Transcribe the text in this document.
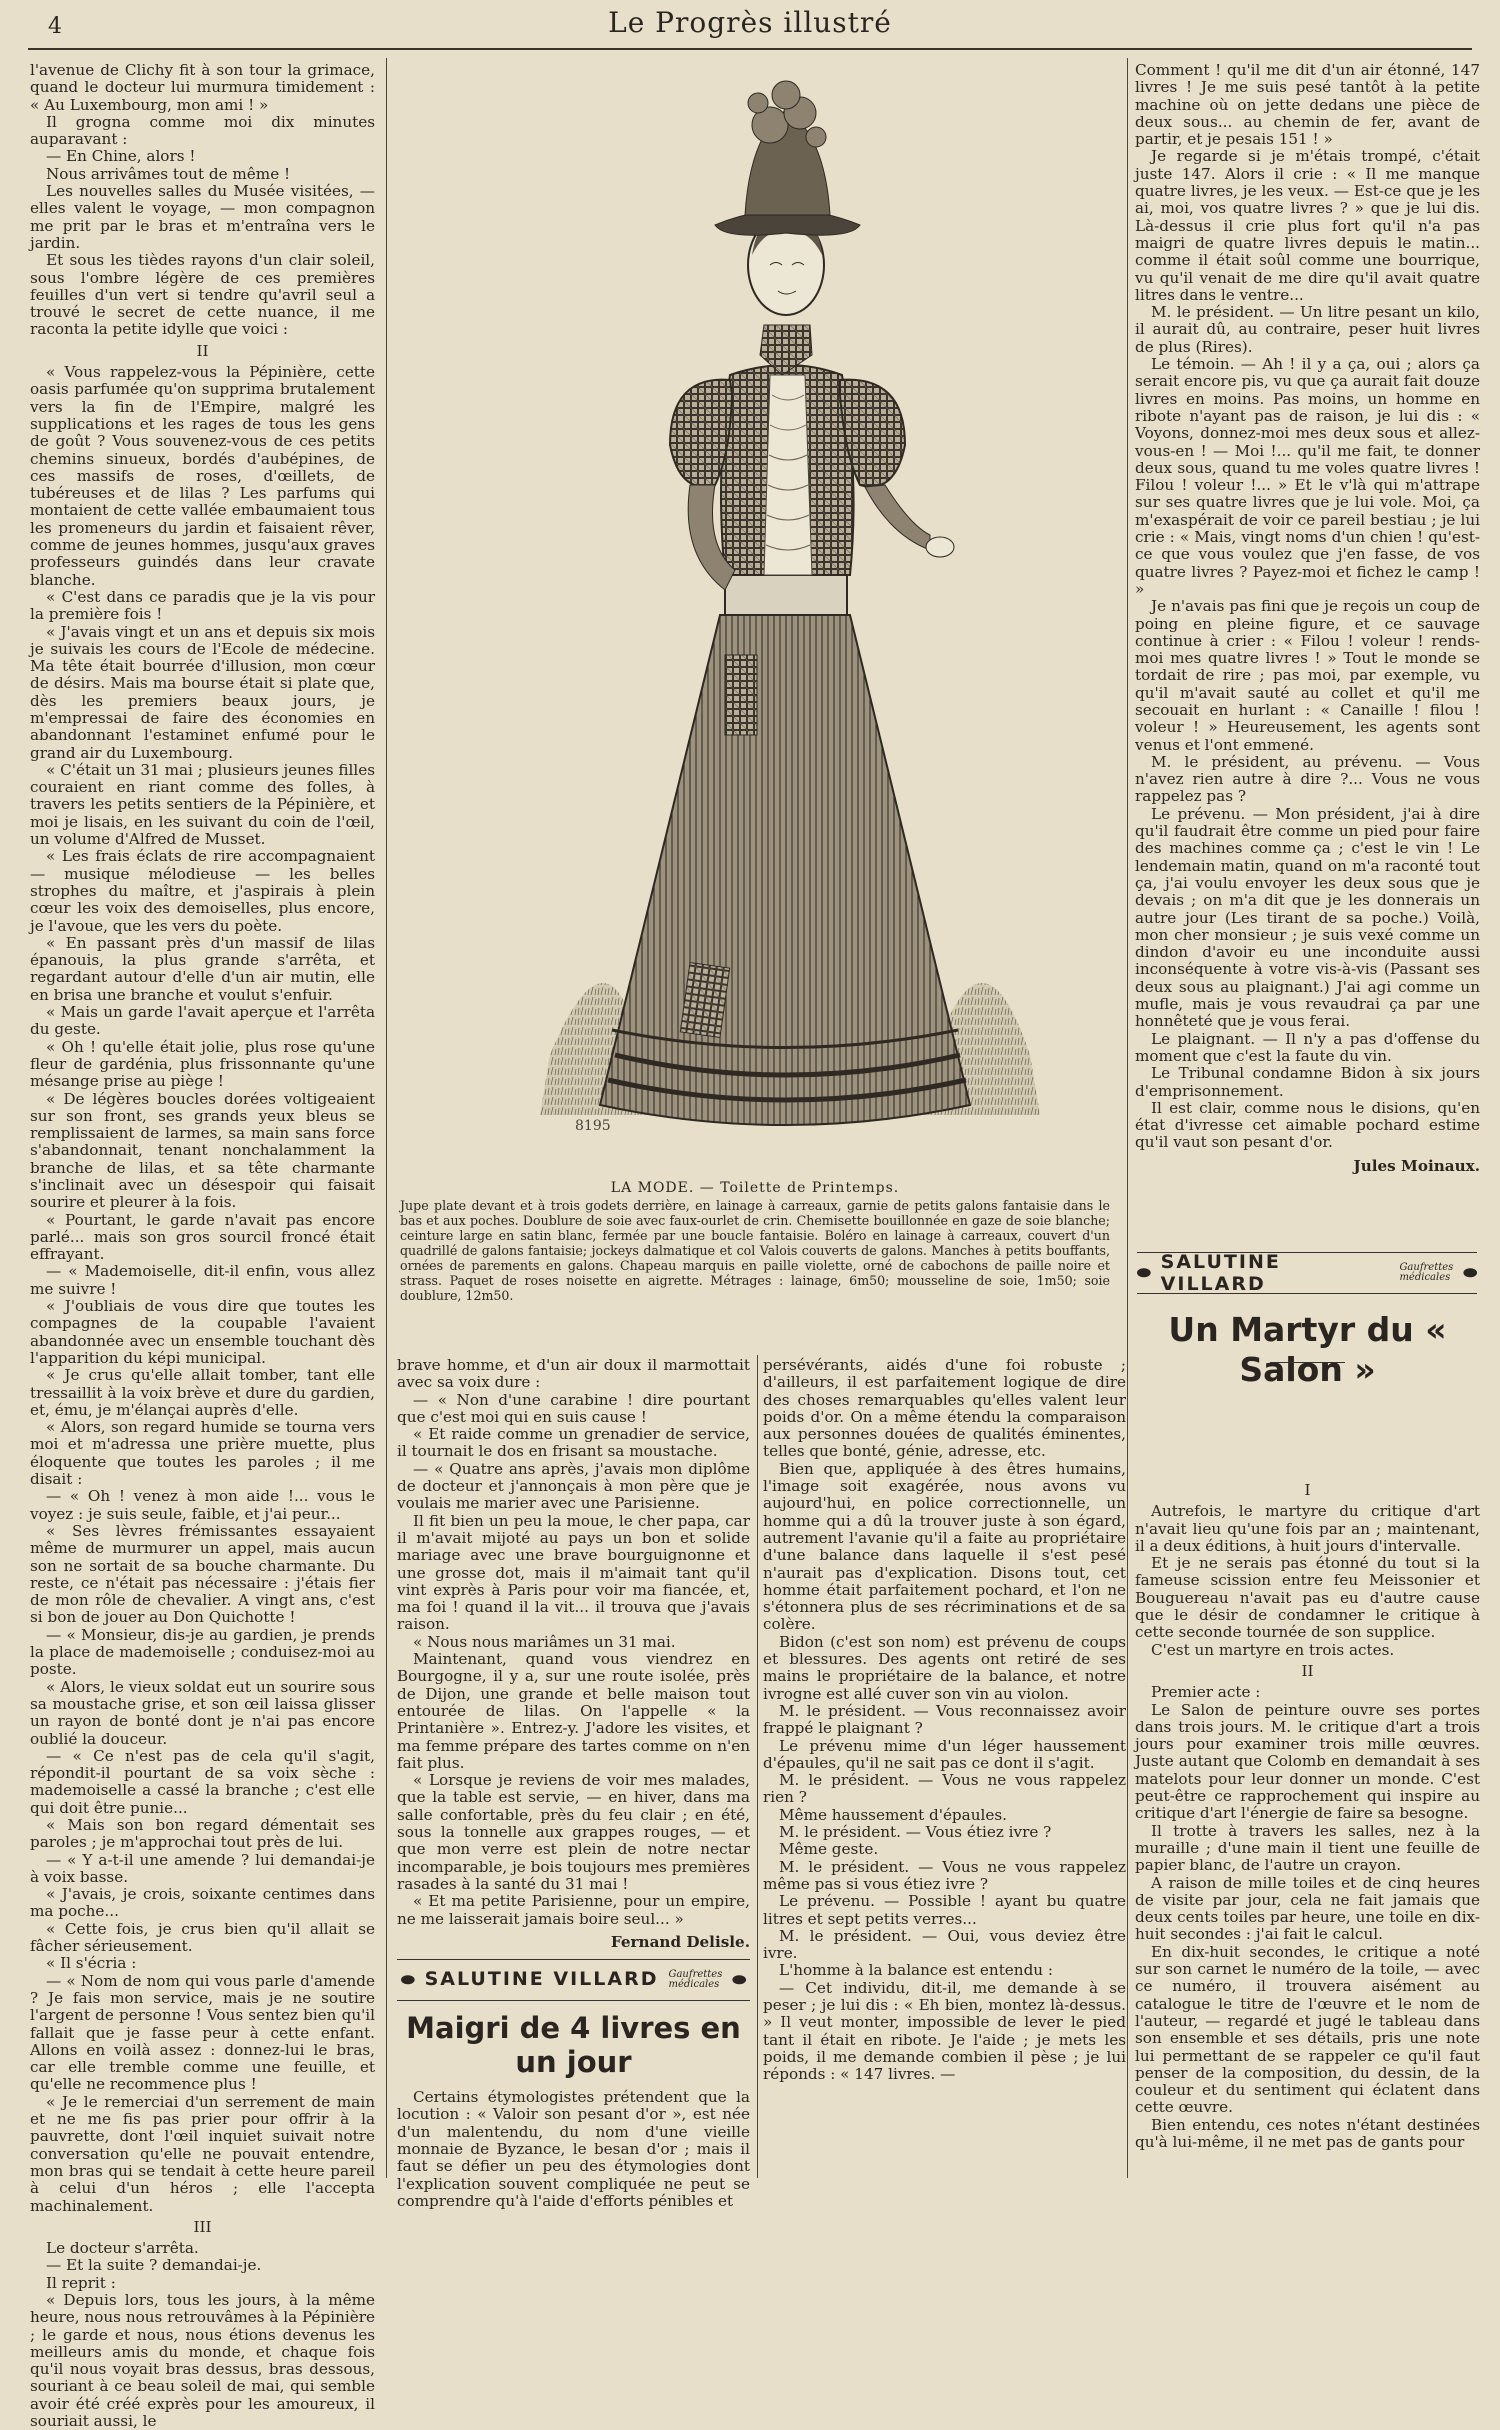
4	Le Progrès illustré

l'avenue de Clichy fit à son tour la grimace, quand le docteur lui murmura timidement : « Au Luxembourg, mon ami ! »

Il grogna comme moi dix minutes auparavant :

— En Chine, alors !

Nous arrivâmes tout de même !

Les nouvelles salles du Musée visitées, — elles valent le voyage, — mon compagnon me prit par le bras et m'entraîna vers le jardin.

Et sous les tièdes rayons d'un clair soleil, sous l'ombre légère de ces premières feuilles d'un vert si tendre qu'avril seul a trouvé le secret de cette nuance, il me raconta la petite idylle que voici :

II

« Vous rappelez-vous la Pépinière, cette oasis parfumée qu'on supprima brutalement vers la fin de l'Empire, malgré les supplications et les rages de tous les gens de goût ? Vous souvenez-vous de ces petits chemins sinueux, bordés d'aubépines, de ces massifs de roses, d'œillets, de tubéreuses et de lilas ? Les parfums qui montaient de cette vallée embaumaient tous les promeneurs du jardin et faisaient rêver, comme de jeunes hommes, jusqu'aux graves professeurs guindés dans leur cravate blanche.

« C'est dans ce paradis que je la vis pour la première fois !

« J'avais vingt et un ans et depuis six mois je suivais les cours de l'Ecole de médecine. Ma tête était bourrée d'illusion, mon cœur de désirs. Mais ma bourse était si plate que, dès les premiers beaux jours, je m'empressai de faire des économies en abandonnant l'estaminet enfumé pour le grand air du Luxembourg.

« C'était un 31 mai ; plusieurs jeunes filles couraient en riant comme des folles, à travers les petits sentiers de la Pépinière, et moi je lisais, en les suivant du coin de l'œil, un volume d'Alfred de Musset.

« Les frais éclats de rire accompagnaient — musique mélodieuse — les belles strophes du maître, et j'aspirais à plein cœur les voix des demoiselles, plus encore, je l'avoue, que les vers du poète.

« En passant près d'un massif de lilas épanouis, la plus grande s'arrêta, et regardant autour d'elle d'un air mutin, elle en brisa une branche et voulut s'enfuir.

« Mais un garde l'avait aperçue et l'arrêta du geste.

« Oh ! qu'elle était jolie, plus rose qu'une fleur de gardénia, plus frissonnante qu'une mésange prise au piège !

« De légères boucles dorées voltigeaient sur son front, ses grands yeux bleus se remplissaient de larmes, sa main sans force s'abandonnait, tenant nonchalamment la branche de lilas, et sa tête charmante s'inclinait avec un désespoir qui faisait sourire et pleurer à la fois.

« Pourtant, le garde n'avait pas encore parlé... mais son gros sourcil froncé était effrayant.

— « Mademoiselle, dit-il enfin, vous allez me suivre !

« J'oubliais de vous dire que toutes les compagnes de la coupable l'avaient abandonnée avec un ensemble touchant dès l'apparition du képi municipal.

« Je crus qu'elle allait tomber, tant elle tressaillit à la voix brève et dure du gardien, et, ému, je m'élançai auprès d'elle.

« Alors, son regard humide se tourna vers moi et m'adressa une prière muette, plus éloquente que toutes les paroles ; il me disait :

— « Oh ! venez à mon aide !... vous le voyez : je suis seule, faible, et j'ai peur...

« Ses lèvres frémissantes essayaient même de murmurer un appel, mais aucun son ne sortait de sa bouche charmante. Du reste, ce n'était pas nécessaire : j'étais fier de mon rôle de chevalier. A vingt ans, c'est si bon de jouer au Don Quichotte !

— « Monsieur, dis-je au gardien, je prends la place de mademoiselle ; conduisez-moi au poste.

« Alors, le vieux soldat eut un sourire sous sa moustache grise, et son œil laissa glisser un rayon de bonté dont je n'ai pas encore oublié la douceur.

— « Ce n'est pas de cela qu'il s'agit, répondit-il pourtant de sa voix sèche : mademoiselle a cassé la branche ; c'est elle qui doit être punie...

« Mais son bon regard démentait ses paroles ; je m'approchai tout près de lui.

— « Y a-t-il une amende ? lui demandai-je à voix basse.

« J'avais, je crois, soixante centimes dans ma poche...

« Cette fois, je crus bien qu'il allait se fâcher sérieusement.

« Il s'écria :

— « Nom de nom qui vous parle d'amende ? Je fais mon service, mais je ne soutire l'argent de personne ! Vous sentez bien qu'il fallait que je fasse peur à cette enfant. Allons en voilà assez : donnez-lui le bras, car elle tremble comme une feuille, et qu'elle ne recommence plus !

« Je le remerciai d'un serrement de main et ne me fis pas prier pour offrir à la pauvrette, dont l'œil inquiet suivait notre conversation qu'elle ne pouvait entendre, mon bras qui se tendait à cette heure pareil à celui d'un héros ; elle l'accepta machinalement.

III

Le docteur s'arrêta.

— Et la suite ? demandai-je.

Il reprit :

« Depuis lors, tous les jours, à la même heure, nous nous retrouvâmes à la Pépinière ; le garde et nous, nous étions devenus les meilleurs amis du monde, et chaque fois qu'il nous voyait bras dessus, bras dessous, souriant à ce beau soleil de mai, qui semble avoir été créé exprès pour les amoureux, il souriait aussi, le

8195
LA MODE. — Toilette de Printemps.
Jupe plate devant et à trois godets derrière, en lainage à carreaux, garnie de petits galons fantaisie dans le bas et aux poches. Doublure de soie avec faux-ourlet de crin. Chemisette bouillonnée en gaze de soie blanche; ceinture large en satin blanc, fermée par une boucle fantaisie. Boléro en lainage à carreaux, couvert d'un quadrillé de galons fantaisie; jockeys dalmatique et col Valois couverts de galons. Manches à petits bouffants, ornées de parements en galons. Chapeau marquis en paille violette, orné de cabochons de paille noire et strass. Paquet de roses noisette en aigrette. Métrages : lainage, 6m50; mousseline de soie, 1m50; soie doublure, 12m50.

brave homme, et d'un air doux il marmottait avec sa voix dure :

— « Non d'une carabine ! dire pourtant que c'est moi qui en suis cause !

« Et raide comme un grenadier de service, il tournait le dos en frisant sa moustache.

— « Quatre ans après, j'avais mon diplôme de docteur et j'annonçais à mon père que je voulais me marier avec une Parisienne.

Il fit bien un peu la moue, le cher papa, car il m'avait mijoté au pays un bon et solide mariage avec une brave bourguignonne et une grosse dot, mais il m'aimait tant qu'il vint exprès à Paris pour voir ma fiancée, et, ma foi ! quand il la vit... il trouva que j'avais raison.

« Nous nous mariâmes un 31 mai.

Maintenant, quand vous viendrez en Bourgogne, il y a, sur une route isolée, près de Dijon, une grande et belle maison tout entourée de lilas. On l'appelle « la Printanière ». Entrez-y. J'adore les visites, et ma femme prépare des tartes comme on n'en fait plus.

« Lorsque je reviens de voir mes malades, que la table est servie, — en hiver, dans ma salle confortable, près du feu clair ; en été, sous la tonnelle aux grappes rouges, — et que mon verre est plein de notre nectar incomparable, je bois toujours mes premières rasades à la santé du 31 mai !

« Et ma petite Parisienne, pour un empire, ne me laisserait jamais boire seul... »

Fernand Delisle.

⬬ SALUTINE VILLARD Gaufrettes
médicales ⬬
Maigri de 4 livres en un jour

Certains étymologistes prétendent que la locution : « Valoir son pesant d'or », est née d'un malentendu, du nom d'une vieille monnaie de Byzance, le besan d'or ; mais il faut se défier un peu des étymologies dont l'explication souvent compliquée ne peut se comprendre qu'à l'aide d'efforts pénibles et

persévérants, aidés d'une foi robuste ; d'ailleurs, il est parfaitement logique de dire des choses remarquables qu'elles valent leur poids d'or. On a même étendu la comparaison aux personnes douées de qualités éminentes, telles que bonté, génie, adresse, etc.

Bien que, appliquée à des êtres humains, l'image soit exagérée, nous avons vu aujourd'hui, en police correctionnelle, un homme qui a dû la trouver juste à son égard, autrement l'avanie qu'il a faite au propriétaire d'une balance dans laquelle il s'est pesé n'aurait pas d'explication. Disons tout, cet homme était parfaitement pochard, et l'on ne s'étonnera plus de ses récriminations et de sa colère.

Bidon (c'est son nom) est prévenu de coups et blessures. Des agents ont retiré de ses mains le propriétaire de la balance, et notre ivrogne est allé cuver son vin au violon.

M. le président. — Vous reconnaissez avoir frappé le plaignant ?

Le prévenu mime d'un léger haussement d'épaules, qu'il ne sait pas ce dont il s'agit.

M. le président. — Vous ne vous rappelez rien ?

Même haussement d'épaules.

M. le président. — Vous étiez ivre ?

Même geste.

M. le président. — Vous ne vous rappelez même pas si vous étiez ivre ?

Le prévenu. — Possible ! ayant bu quatre litres et sept petits verres...

M. le président. — Oui, vous deviez être ivre.

L'homme à la balance est entendu :

— Cet individu, dit-il, me demande à se peser ; je lui dis : « Eh bien, montez là-dessus. » Il veut monter, impossible de lever le pied tant il était en ribote. Je l'aide ; je mets les poids, il me demande combien il pèse ; je lui réponds : « 147 livres. —

Comment ! qu'il me dit d'un air étonné, 147 livres ! Je me suis pesé tantôt à la petite machine où on jette dedans une pièce de deux sous... au chemin de fer, avant de partir, et je pesais 151 ! »

Je regarde si je m'étais trompé, c'était juste 147. Alors il crie : « Il me manque quatre livres, je les veux. — Est-ce que je les ai, moi, vos quatre livres ? » que je lui dis. Là-dessus il crie plus fort qu'il n'a pas maigri de quatre livres depuis le matin... comme il était soûl comme une bourrique, vu qu'il venait de me dire qu'il avait quatre litres dans le ventre...

M. le président. — Un litre pesant un kilo, il aurait dû, au contraire, peser huit livres de plus (Rires).

Le témoin. — Ah ! il y a ça, oui ; alors ça serait encore pis, vu que ça aurait fait douze livres en moins. Pas moins, un homme en ribote n'ayant pas de raison, je lui dis : « Voyons, donnez-moi mes deux sous et allez-vous-en ! — Moi !... qu'il me fait, te donner deux sous, quand tu me voles quatre livres ! Filou ! voleur !... » Et le v'là qui m'attrape sur ses quatre livres que je lui vole. Moi, ça m'exaspérait de voir ce pareil bestiau ; je lui crie : « Mais, vingt noms d'un chien ! qu'est-ce que vous voulez que j'en fasse, de vos quatre livres ? Payez-moi et fichez le camp ! »

Je n'avais pas fini que je reçois un coup de poing en pleine figure, et ce sauvage continue à crier : « Filou ! voleur ! rends-moi mes quatre livres ! » Tout le monde se tordait de rire ; pas moi, par exemple, vu qu'il m'avait sauté au collet et qu'il me secouait en hurlant : « Canaille ! filou ! voleur ! » Heureusement, les agents sont venus et l'ont emmené.

M. le président, au prévenu. — Vous n'avez rien autre à dire ?... Vous ne vous rappelez pas ?

Le prévenu. — Mon président, j'ai à dire qu'il faudrait être comme un pied pour faire des machines comme ça ; c'est le vin ! Le lendemain matin, quand on m'a raconté tout ça, j'ai voulu envoyer les deux sous que je devais ; on m'a dit que je les donnerais un autre jour (Les tirant de sa poche.) Voilà, mon cher monsieur ; je suis vexé comme un dindon d'avoir eu une inconduite aussi inconséquente à votre vis-à-vis (Passant ses deux sous au plaignant.) J'ai agi comme un mufle, mais je vous revaudrai ça par une honnêteté que je vous ferai.

Le plaignant. — Il n'y a pas d'offense du moment que c'est la faute du vin.

Le Tribunal condamne Bidon à six jours d'emprisonnement.

Il est clair, comme nous le disions, qu'en état d'ivresse cet aimable pochard estime qu'il vaut son pesant d'or.

Jules Moinaux.

⬬ SALUTINE VILLARD
Gaufrettes
médicales ⬬
Un Martyr du « Salon »

I

Autrefois, le martyre du critique d'art n'avait lieu qu'une fois par an ; maintenant, il a deux éditions, à huit jours d'intervalle.

Et je ne serais pas étonné du tout si la fameuse scission entre feu Meissonier et Bouguereau n'avait pas eu d'autre cause que le désir de condamner le critique à cette seconde tournée de son supplice.

C'est un martyre en trois actes.

II

Premier acte :

Le Salon de peinture ouvre ses portes dans trois jours. M. le critique d'art a trois jours pour examiner trois mille œuvres. Juste autant que Colomb en demandait à ses matelots pour leur donner un monde. C'est peut-être ce rapprochement qui inspire au critique d'art l'énergie de faire sa besogne.

Il trotte à travers les salles, nez à la muraille ; d'une main il tient une feuille de papier blanc, de l'autre un crayon.

A raison de mille toiles et de cinq heures de visite par jour, cela ne fait jamais que deux cents toiles par heure, une toile en dix-huit secondes : j'ai fait le calcul.

En dix-huit secondes, le critique a noté sur son carnet le numéro de la toile, — avec ce numéro, il trouvera aisément au catalogue le titre de l'œuvre et le nom de l'auteur, — regardé et jugé le tableau dans son ensemble et ses détails, pris une note lui permettant de se rappeler ce qu'il faut penser de la composition, du dessin, de la couleur et du sentiment qui éclatent dans cette œuvre.

Bien entendu, ces notes n'étant destinées qu'à lui-même, il ne met pas de gants pour
